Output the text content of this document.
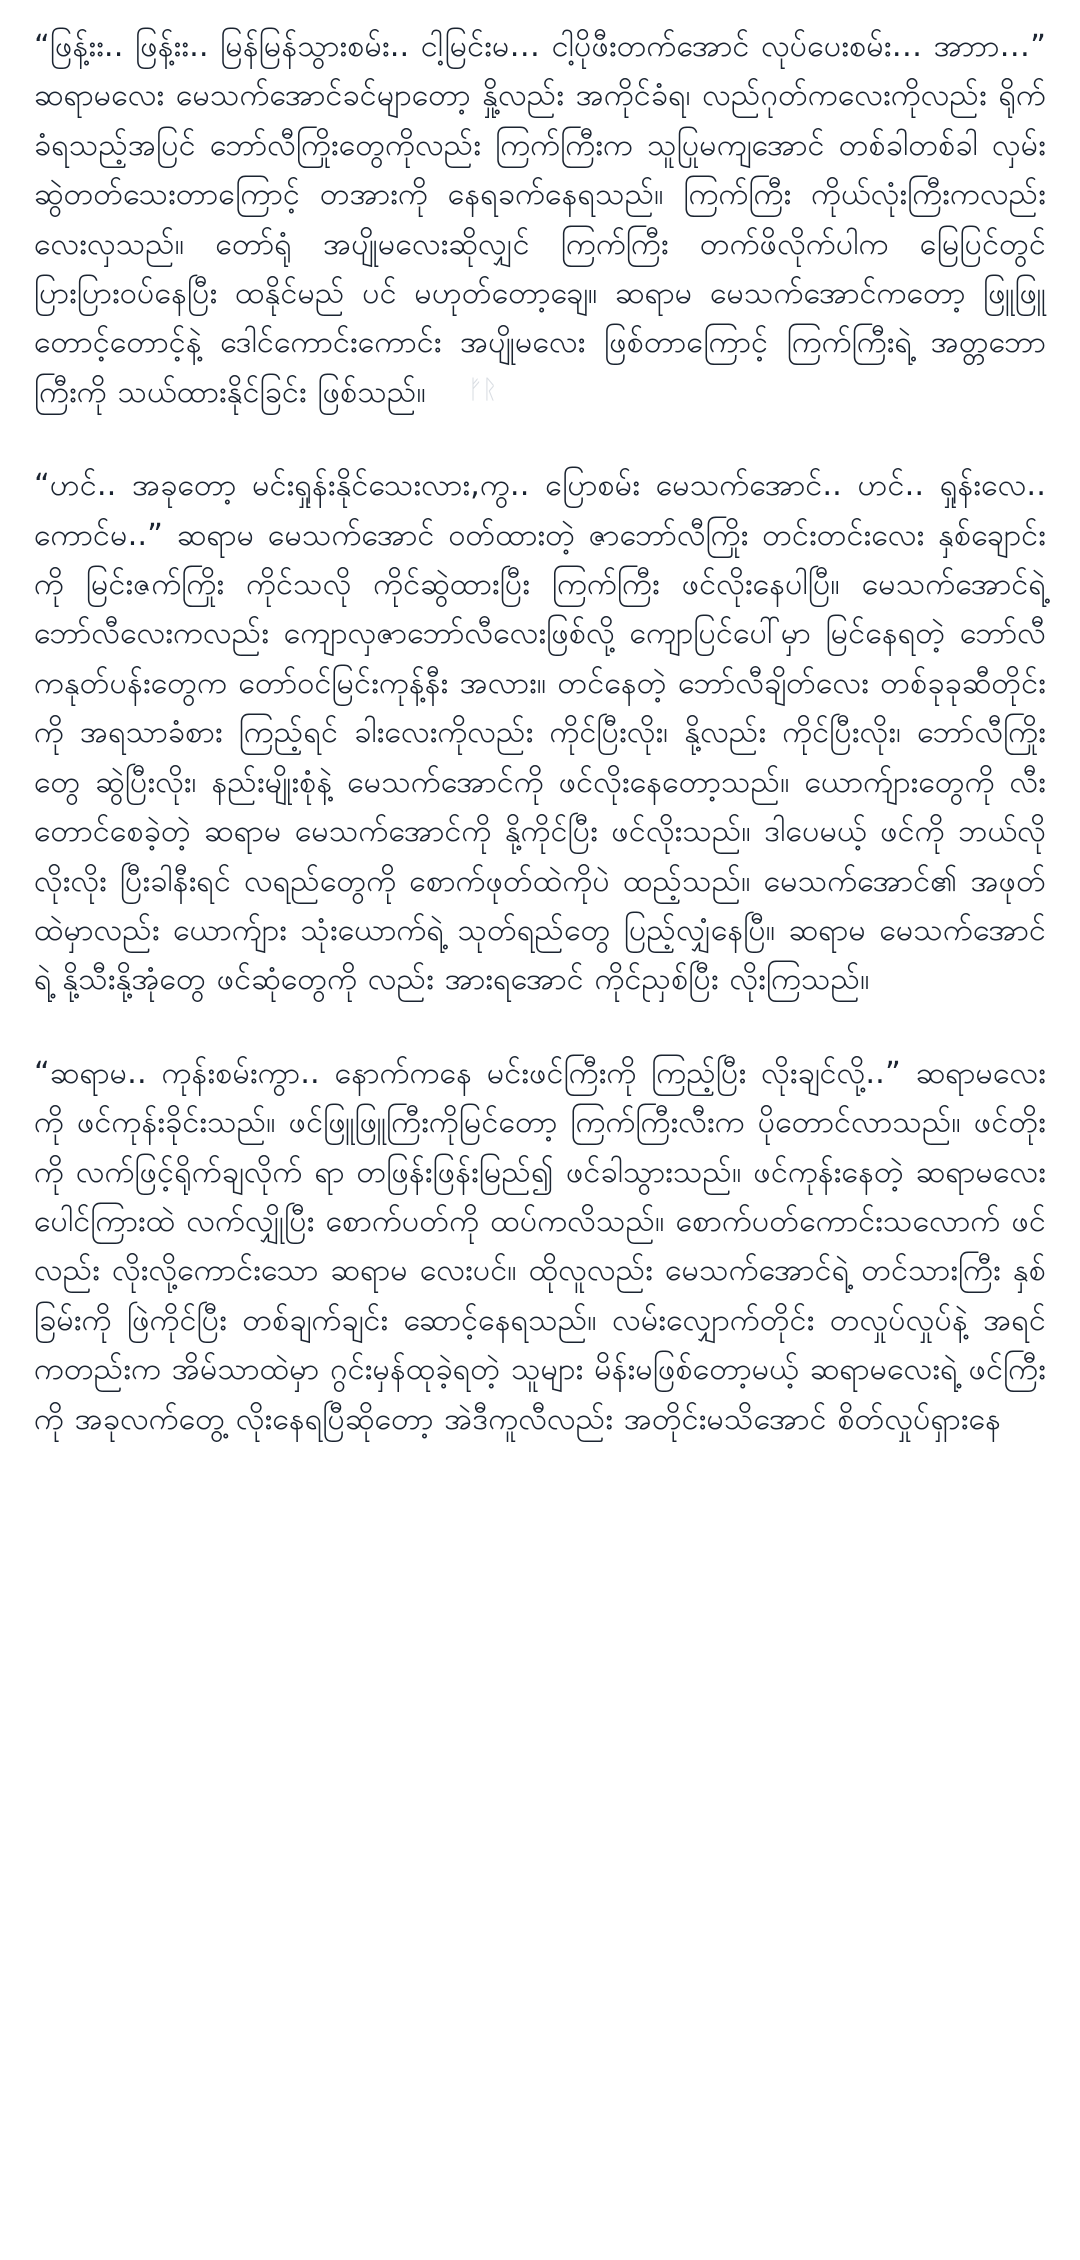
ᚠᚱ

“ဖြန့်းး.. ဖြန့်းး.. မြန်မြန်သွားစမ်း.. ငါ့မြင်းမ… ငါ့ပိုဖီးတက်အောင် လုပ်ပေးစမ်း… အာာာ…” ဆရာမလေး မေသက်အောင်ခင်မျာတော့ နှို့လည်း အကိုင်ခံရ၊ လည်ဂုတ်ကလေးကိုလည်း ရိုက်ခံရသည့်အပြင် ဘော်လီကြိုးတွေကိုလည်း ကြက်ကြီးက သူပြုမကျအောင် တစ်ခါတစ်ခါ လှမ်းဆွဲတတ်သေးတာကြောင့် တအားကို နေရခက်နေရသည်။ ကြက်ကြီး ကိုယ်လုံးကြီးကလည်း လေးလှသည်။ တော်ရုံ အပျိုမလေးဆိုလျှင် ကြက်ကြီး တက်ဖိလိုက်ပါက မြေပြင်တွင် ပြားပြားဝပ်နေပြီး ထနိုင်မည် ပင် မဟုတ်တော့ချေ။ ဆရာမ မေသက်အောင်ကတော့ ဖြူဖြူတောင့်တောင့်နဲ့ ဒေါင်ကောင်းကောင်း အပျိုမလေး ဖြစ်တာကြောင့် ကြက်ကြီးရဲ့ အတ္တဘောကြီးကို သယ်ထားနိုင်ခြင်း ဖြစ်သည်။

“ဟင်.. အခုတော့ မင်းရှုန်းနိုင်သေးလား,ကွ.. ပြောစမ်း မေသက်အောင်.. ဟင်.. ရှုန်းလေ.. ကောင်မ..” ဆရာမ မေသက်အောင် ဝတ်ထားတဲ့ ဇာဘော်လီကြိုး တင်းတင်းလေး နှစ်ချောင်းကို မြင်းဇက်ကြိုး ကိုင်သလို ကိုင်ဆွဲထားပြီး ကြက်ကြီး ဖင်လိုးနေပါပြီ။ မေသက်အောင်ရဲ့ ဘော်လီလေးကလည်း ကျောလှဇာဘော်လီလေးဖြစ်လို့ ကျောပြင်ပေါ်မှာ မြင်နေရတဲ့ ဘော်လီကနုတ်ပန်းတွေက တော်ဝင်မြင်းကုန့်နီး အလား။ တင်နေတဲ့ ဘော်လီချိတ်လေး တစ်ခုခုဆီတိုင်းကို အရသာခံစား ကြည့်ရင် ခါးလေးကိုလည်း ကိုင်ပြီးလိုး၊ နို့လည်း ကိုင်ပြီးလိုး၊ ဘော်လီကြိုးတွေ ဆွဲပြီးလိုး၊ နည်းမျိုးစုံနဲ့ မေသက်အောင်ကို ဖင်လိုးနေတော့သည်။ ယောက်ျားတွေကို လီးတောင်စေခဲ့တဲ့ ဆရာမ မေသက်အောင်ကို နို့ကိုင်ပြီး ဖင်လိုးသည်။ ဒါပေမယ့် ဖင်ကို ဘယ်လိုလိုးလိုး ပြီးခါနီးရင် လရည်တွေကို စောက်ဖုတ်ထဲကိုပဲ ထည့်သည်။ မေသက်အောင်၏ အဖုတ်ထဲမှာလည်း ယောက်ျား သုံးယောက်ရဲ့ သုတ်ရည်တွေ ပြည့်လျှံနေပြီ။ ဆရာမ မေသက်အောင်ရဲ့ နို့သီးနို့အုံတွေ ဖင်ဆုံတွေကို လည်း အားရအောင် ကိုင်ညှစ်ပြီး လိုးကြသည်။

“ဆရာမ.. ကုန်းစမ်းကွာ.. နောက်ကနေ မင်းဖင်ကြီးကို ကြည့်ပြီး လိုးချင်လို့..” ဆရာမလေးကို ဖင်ကုန်းခိုင်းသည်။ ဖင်ဖြူဖြူကြီးကိုမြင်တော့ ကြက်ကြီးလီးက ပိုတောင်လာသည်။ ဖင်တိုးကို လက်ဖြင့်ရိုက်ချလိုက် ရာ တဖြန်းဖြန်းမြည်၍ ဖင်ခါသွားသည်။ ဖင်ကုန်းနေတဲ့ ဆရာမလေး ပေါင်ကြားထဲ လက်လျှိုပြီး စောက်ပတ်ကို ထပ်ကလိသည်။ စောက်ပတ်ကောင်းသလောက် ဖင်လည်း လိုးလို့ကောင်းသော ဆရာမ လေးပင်။ ထိုလူလည်း မေသက်အောင်ရဲ့ တင်သားကြီး နှစ်ခြမ်းကို ဖြဲကိုင်ပြီး တစ်ချက်ချင်း ဆောင့်နေရသည်။ လမ်းလျှောက်တိုင်း တလှုပ်လှုပ်နဲ့ အရင်ကတည်းက အိမ်သာထဲမှာ ဂွင်းမှန်ထုခဲ့ရတဲ့ သူများ မိန်းမဖြစ်တော့မယ့် ဆရာမလေးရဲ့ ဖင်ကြီးကို အခုလက်တွေ့ လိုးနေရပြီဆိုတော့ အဲဒီကူလီလည်း အတိုင်းမသိအောင် စိတ်လှုပ်ရှားနေ
